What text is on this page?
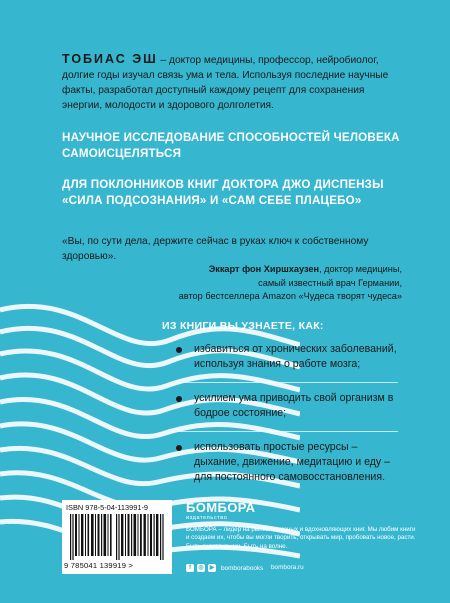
ТОБИАС ЭШ – доктор медицины, профессор, нейробиолог, долгие годы изучал связь ума и тела. Используя последние научные факты, разработал доступный каждому рецепт для сохранения энергии, молодости и здорового долголетия.
НАУЧНОЕ ИССЛЕДОВАНИЕ СПОСОБНОСТЕЙ ЧЕЛОВЕКА САМОИСЦЕЛЯТЬСЯ
ДЛЯ ПОКЛОННИКОВ КНИГ ДОКТОРА ДЖО ДИСПЕНЗЫ «СИЛА ПОДСОЗНАНИЯ» И «САМ СЕБЕ ПЛАЦЕБО»
«Вы, по сути дела, держите сейчас в руках ключ к собственному здоровью».
Эккарт фон Хиршхаузен, доктор медицины,
самый известный врач Германии,
автор бестселлера Amazon «Чудеса творят чудеса»
ИЗ КНИГИ ВЫ УЗНАЕТЕ, КАК:
избавиться от хронических заболеваний, используя знания о работе мозга;
усилием ума приводить свой организм в бодрое состояние;
использовать простые ресурсы – дыхание, движение, медитацию и еду – для постоянного самовосстановления.
ISBN 978-5-04-113991-9
9 785041 139919 >
БОМБОРА
издательство
БОМБОРА – лидер на рынке полезных и вдохновляющих книг. Мы любим книги и создаем их, чтобы вы могли творить, открывать мир, пробовать новое, расти. Быть счастливыми. Быть на волне.
f	◎ ▶ bomborabooks bombora.ru
